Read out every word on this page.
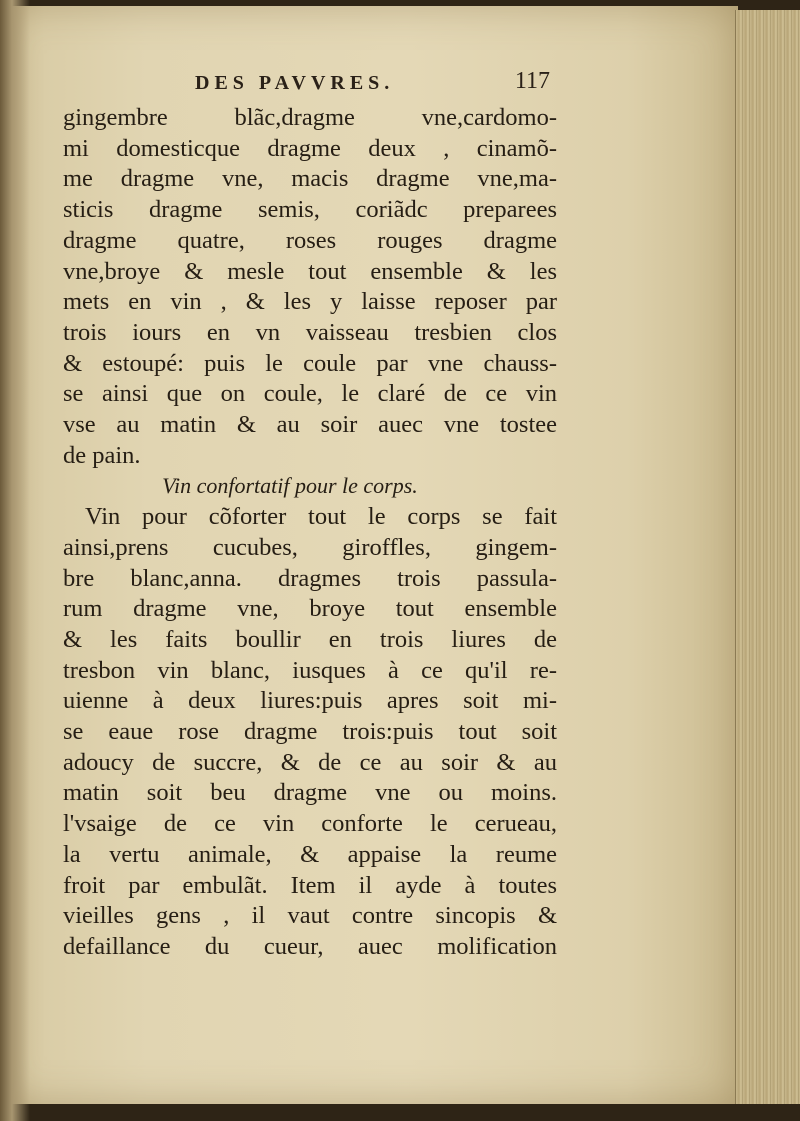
DES PAVVRES.	117
gingembre blãc,dragme vne,cardomo-
mi domesticque dragme deux , cinamõ-
me dragme vne, macis dragme vne,ma-
sticis dragme semis, coriãdc preparees
dragme quatre, roses rouges dragme
vne,broye & mesle tout ensemble & les
mets en vin , & les y laisse reposer par
trois iours en vn vaisseau tresbien clos
& estoupé: puis le coule par vne chauss-
se ainsi que on coule, le claré de ce vin
vse au matin & au soir auec vne tostee
de pain.
Vin confortatif pour le corps.
Vin pour cõforter tout le corps se fait
ainsi,prens cucubes, giroffles, gingem-
bre blanc,anna. dragmes trois passula-
rum dragme vne, broye tout ensemble
& les faits boullir en trois liures de
tresbon vin blanc, iusques à ce qu'il re-
uienne à deux liures:puis apres soit mi-
se eaue rose dragme trois:puis tout soit
adoucy de succre, & de ce au soir & au
matin soit beu dragme vne ou moins.
l'vsaige de ce vin conforte le cerueau,
la vertu animale, & appaise la reume
froit par embulãt. Item il ayde à toutes
vieilles gens , il vaut contre sincopis &
defaillance du cueur, auec molification
